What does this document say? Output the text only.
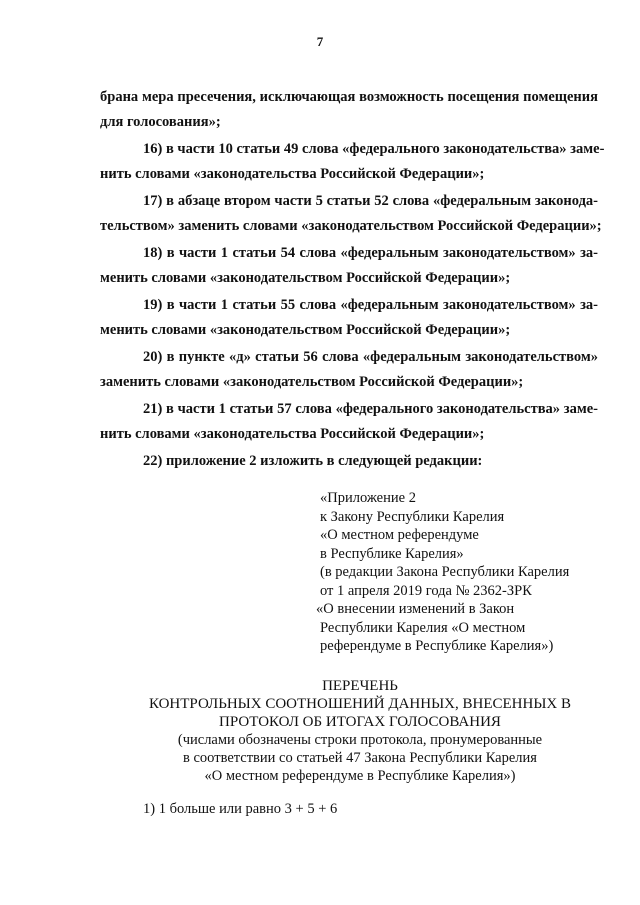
7
брана мера пресечения, исключающая возможность посещения помещения
для голосования»;
16) в части 10 статьи 49 слова «федерального законодательства» заме-
нить словами «законодательства Российской Федерации»;
17) в абзаце втором части 5 статьи 52 слова «федеральным законода-
тельством» заменить словами «законодательством Российской Федерации»;
18) в части 1 статьи 54 слова «федеральным законодательством» за-
менить словами «законодательством Российской Федерации»;
19) в части 1 статьи 55 слова «федеральным законодательством» за-
менить словами «законодательством Российской Федерации»;
20) в пункте «д» статьи 56 слова «федеральным законодательством»
заменить словами «законодательством Российской Федерации»;
21) в части 1 статьи 57 слова «федерального законодательства» заме-
нить словами «законодательства Российской Федерации»;
22) приложение 2 изложить в следующей редакции:
«Приложение 2
к Закону Республики Карелия
«О местном референдуме
в Республике Карелия»
(в редакции Закона Республики Карелия
от 1 апреля 2019 года № 2362-ЗРК
«О внесении изменений в Закон
Республики Карелия «О местном
референдуме в Республике Карелия»)
ПЕРЕЧЕНЬ
КОНТРОЛЬНЫХ СООТНОШЕНИЙ ДАННЫХ, ВНЕСЕННЫХ В
ПРОТОКОЛ ОБ ИТОГАХ ГОЛОСОВАНИЯ
(числами обозначены строки протокола, пронумерованные
в соответствии со статьей 47 Закона Республики Карелия
«О местном референдуме в Республике Карелия»)
1) 1 больше или равно 3 + 5 + 6
